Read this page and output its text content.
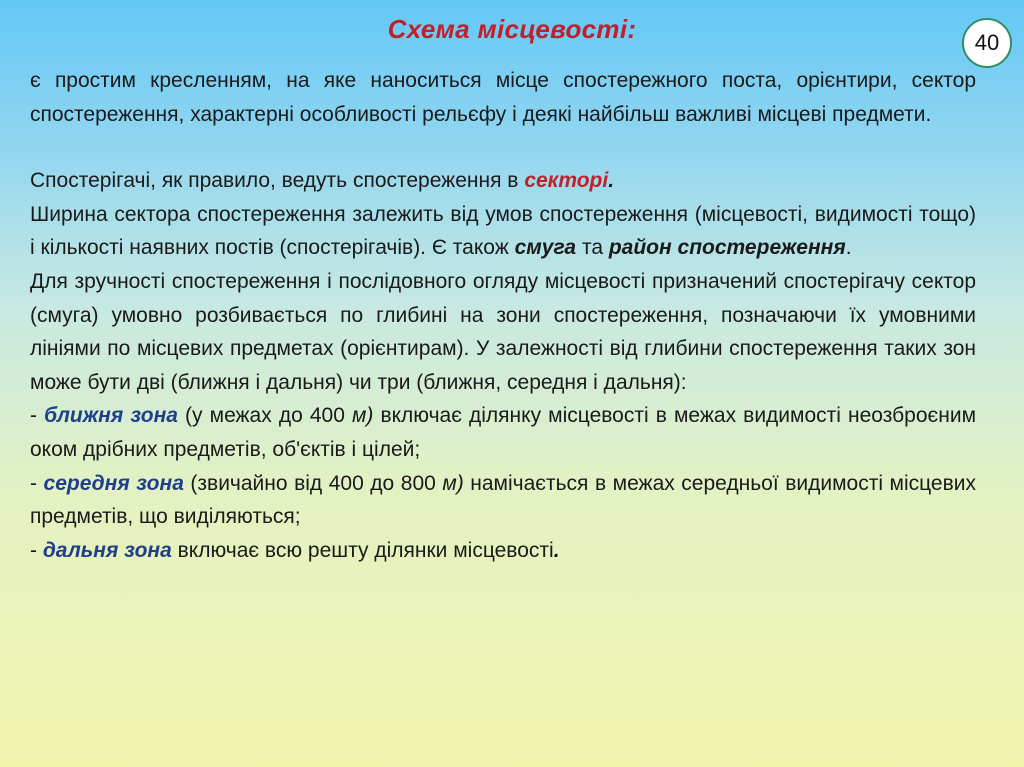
Схема місцевості:	40

є простим кресленням, на яке наноситься місце спостережного поста, орієнтири, сектор спостереження, характерні особливості рельєфу і деякі найбільш важливі місцеві предмети.

Спостерігачі, як правило, ведуть спостереження в секторі.

Ширина сектора спостереження залежить від умов спостереження (місцевості, видимості тощо) і кількості наявних постів (спостерігачів). Є також смуга та район спостереження.

Для зручності спостереження і послідовного огляду місцевості призначений спостерігачу сектор (смуга) умовно розбивається по глибині на зони спостереження, позначаючи їх умовними лініями по місцевих предметах (орієнтирам). У залежності від глибини спостереження таких зон може бути дві (ближня і дальня) чи три (ближня, середня і дальня):

- ближня зона (у межах до 400 м) включає ділянку місцевості в межах видимості неозброєним оком дрібних предметів, об'єктів і цілей;

- середня зона (звичайно від 400 до 800 м) намічається в межах середньої видимості місцевих предметів, що виділяються;

- дальня зона включає всю решту ділянки місцевості.
